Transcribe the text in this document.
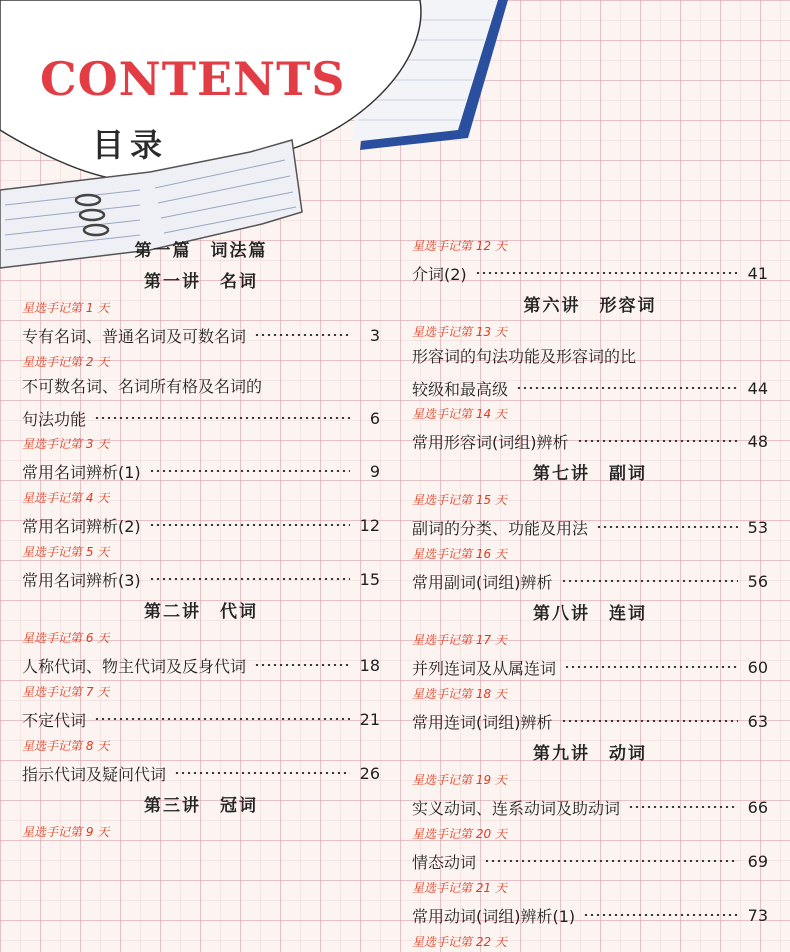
CONTENTS
目录
第一篇　词法篇
第一讲　名词
星选手记第 1 天
专有名词、普通名词及可数名词	3
星选手记第 2 天
不可数名词、名词所有格及名词的
句法功能	6
星选手记第 3 天
常用名词辨析(1)	9
星选手记第 4 天
常用名词辨析(2)	12
星选手记第 5 天
常用名词辨析(3)	15
第二讲　代词
星选手记第 6 天
人称代词、物主代词及反身代词	18
星选手记第 7 天
不定代词	21
星选手记第 8 天
指示代词及疑问代词	26
第三讲　冠词
星选手记第 9 天
星选手记第 12 天
介词(2)	41
第六讲　形容词
星选手记第 13 天
形容词的句法功能及形容词的比
较级和最高级	44
星选手记第 14 天
常用形容词(词组)辨析	48
第七讲　副词
星选手记第 15 天
副词的分类、功能及用法	53
星选手记第 16 天
常用副词(词组)辨析	56
第八讲　连词
星选手记第 17 天
并列连词及从属连词	60
星选手记第 18 天
常用连词(词组)辨析	63
第九讲　动词
星选手记第 19 天
实义动词、连系动词及助动词	66
星选手记第 20 天
情态动词	69
星选手记第 21 天
常用动词(词组)辨析(1)	73
星选手记第 22 天
